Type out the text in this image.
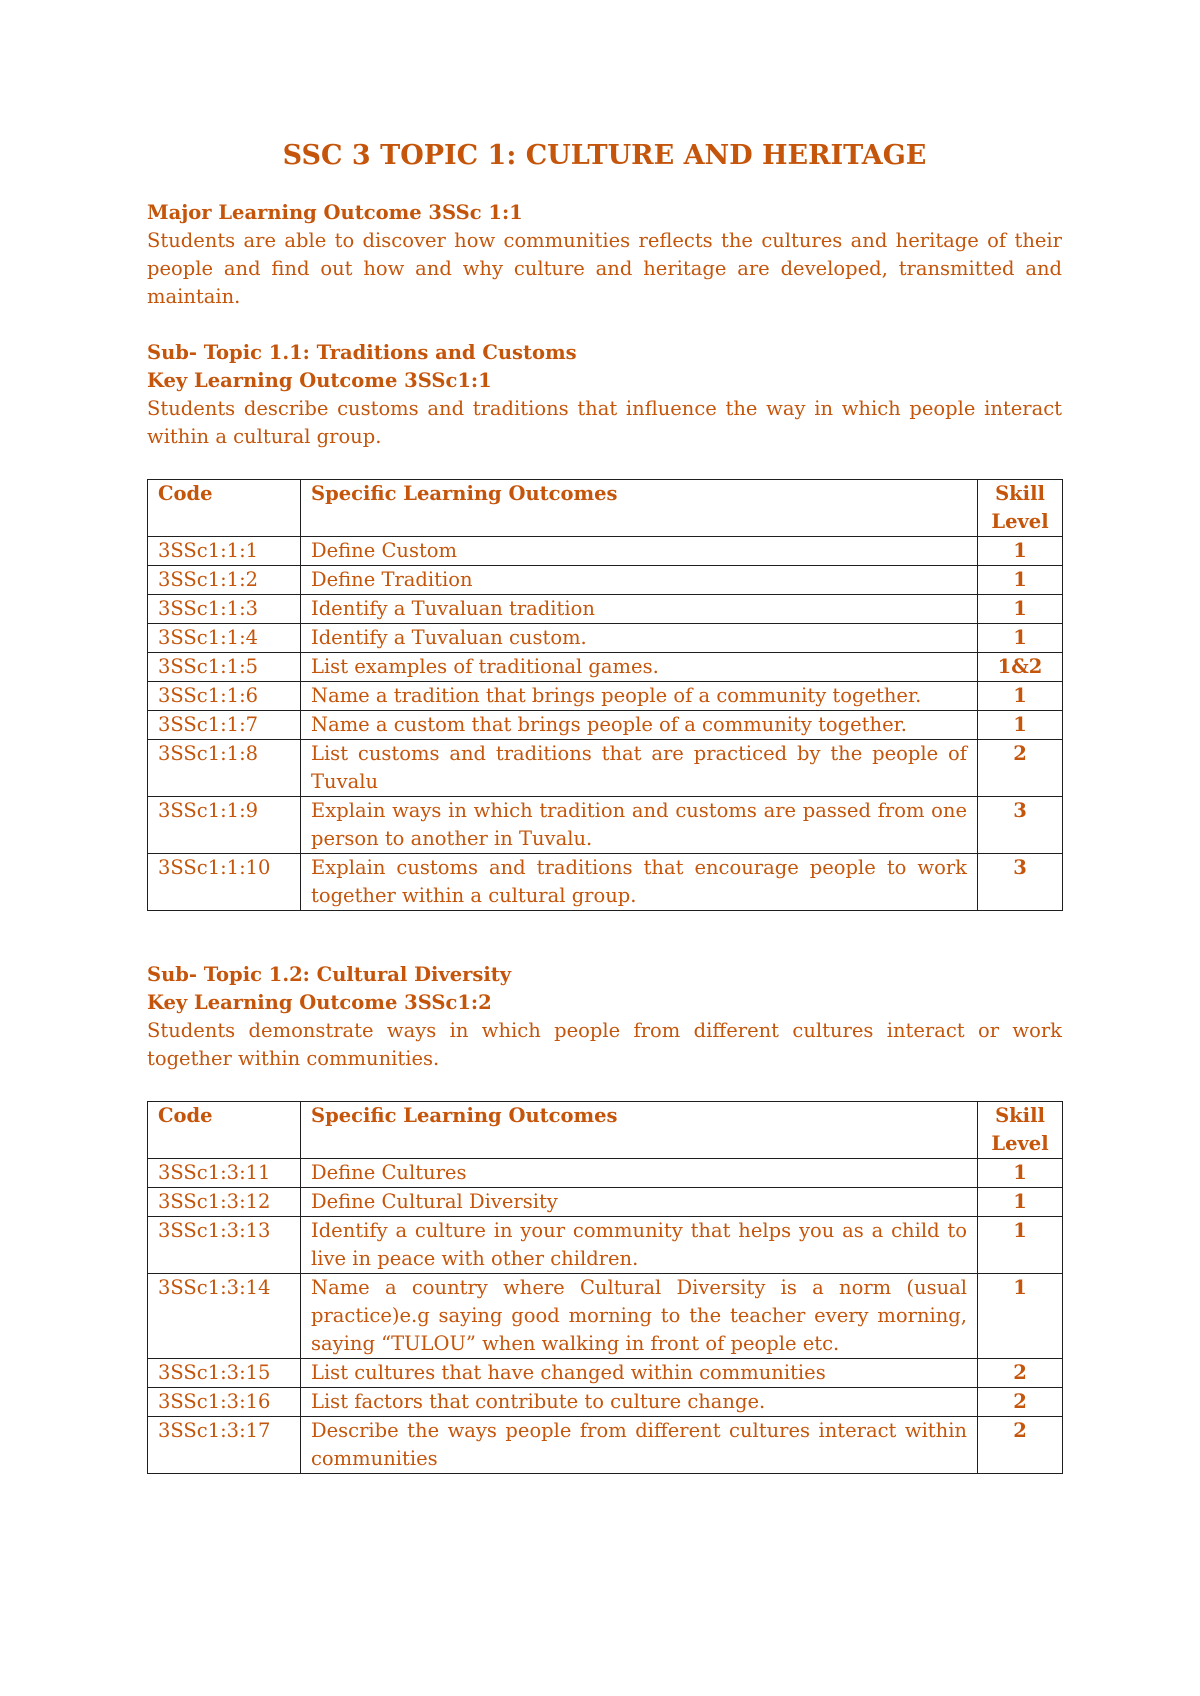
SSC 3 TOPIC 1: CULTURE AND HERITAGE
Major Learning Outcome 3SSc 1:1

Students are able to discover how communities reflects the cultures and heritage of their people and find out how and why culture and heritage are developed, transmitted and maintain.

Sub- Topic 1.1: Traditions and Customs
Key Learning Outcome 3SSc1:1

Students describe customs and traditions that influence the way in which people interact within a cultural group.

Code	Specific Learning Outcomes	Skill Level
3SSc1:1:1	Define Custom	1
3SSc1:1:2	Define Tradition	1
3SSc1:1:3	Identify a Tuvaluan tradition	1
3SSc1:1:4	Identify a Tuvaluan custom.	1
3SSc1:1:5	List examples of traditional games.	1&2
3SSc1:1:6	Name a tradition that brings people of a community together.	1
3SSc1:1:7	Name a custom that brings people of a community together.	1
3SSc1:1:8	List customs and traditions that are practiced by the people of Tuvalu	2
3SSc1:1:9	Explain ways in which tradition and customs are passed from one person to another in Tuvalu.	3
3SSc1:1:10	Explain customs and traditions that encourage people to work together within a cultural group.	3
Sub- Topic 1.2: Cultural Diversity
Key Learning Outcome 3SSc1:2

Students demonstrate ways in which people from different cultures interact or work together within communities.

Code	Specific Learning Outcomes	Skill Level
3SSc1:3:11	Define Cultures	1
3SSc1:3:12	Define Cultural Diversity	1
3SSc1:3:13	Identify a culture in your community that helps you as a child to live in peace with other children.	1
3SSc1:3:14	Name a country where Cultural Diversity is a norm (usual practice)e.g saying good morning to the teacher every morning, saying “TULOU” when walking in front of people etc.	1
3SSc1:3:15	List cultures that have changed within communities	2
3SSc1:3:16	List factors that contribute to culture change.	2
3SSc1:3:17	Describe the ways people from different cultures interact within communities	2
